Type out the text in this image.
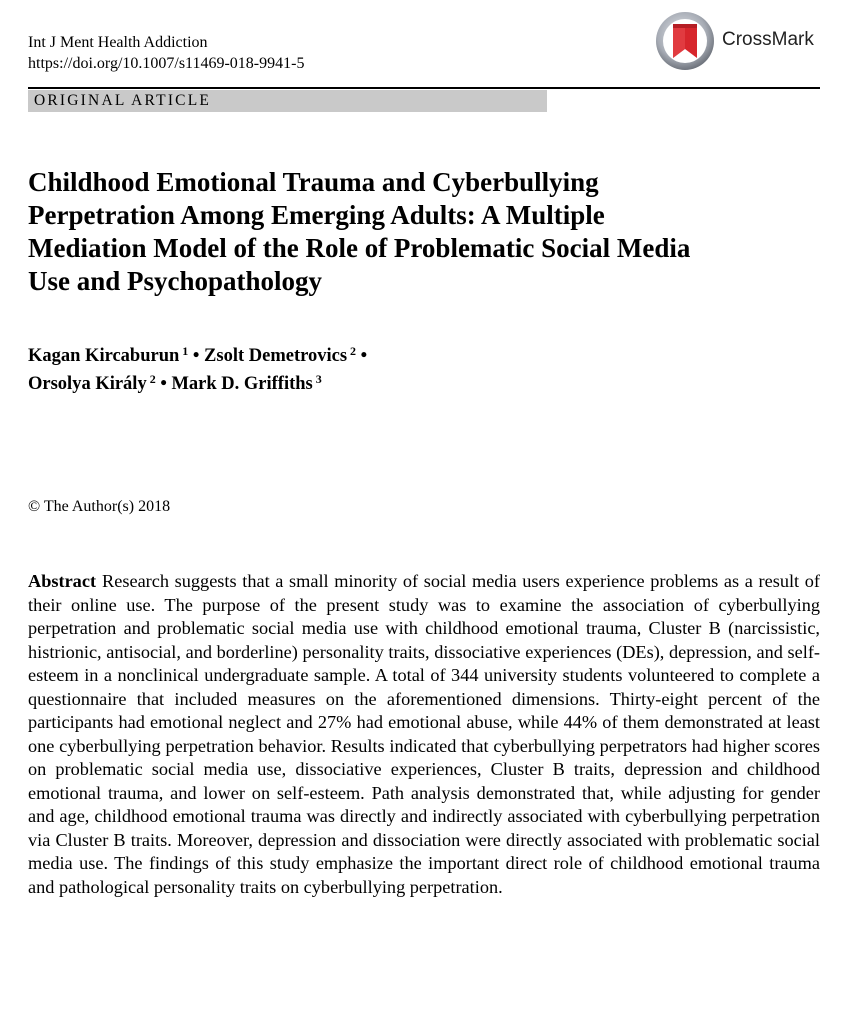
Int J Ment Health Addiction
https://doi.org/10.1007/s11469-018-9941-5
CrossMark
ORIGINAL ARTICLE
Childhood Emotional Trauma and Cyberbullying
Perpetration Among Emerging Adults: A Multiple
Mediation Model of the Role of Problematic Social Media
Use and Psychopathology
Kagan Kircaburun $^1$ • Zsolt Demetrovics $^2$ •
Orsolya Király $^2$ • Mark D. Griffiths $^3$
© The Author(s) 2018

Abstract Research suggests that a small minority of social media users experience problems as a result of their online use. The purpose of the present study was to examine the association of cyberbullying perpetration and problematic social media use with childhood emotional trauma, Cluster B (narcissistic, histrionic, antisocial, and borderline) personality traits, dissociative experiences (DEs), depression, and self-esteem in a nonclinical undergraduate sample. A total of 344 university students volunteered to complete a questionnaire that included measures on the aforementioned dimensions. Thirty-eight percent of the participants had emotional neglect and 27% had emotional abuse, while 44% of them demonstrated at least one cyberbullying perpetration behavior. Results indicated that cyberbullying perpetrators had higher scores on problematic social media use, dissociative experiences, Cluster B traits, depression and childhood emotional trauma, and lower on self-esteem. Path analysis demonstrated that, while adjusting for gender and age, childhood emotional trauma was directly and indirectly associated with cyberbullying perpetration via Cluster B traits. Moreover, depression and dissociation were directly associated with problematic social media use. The findings of this study emphasize the important direct role of childhood emotional trauma and pathological personality traits on cyberbullying perpetration.
